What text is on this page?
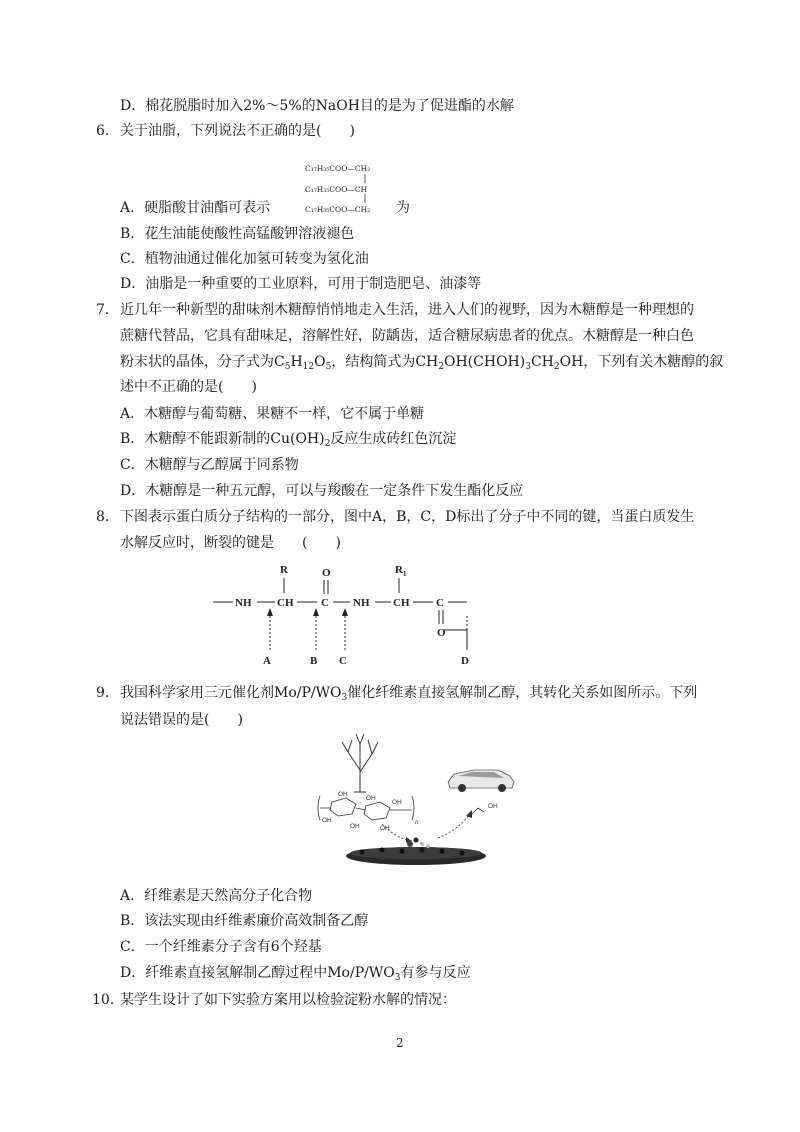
D．棉花脱脂时加入2%～5%的NaOH目的是为了促进酯的水解
6． 关于油脂，下列说法不正确的是(　　)
C₁₇H₃₅COO—CH₂
C₁₇H₃₅COO—CH
C₁₇H₃₅COO—CH₂
A．硬脂酸甘油酯可表示	为
B．花生油能使酸性高锰酸钾溶液褪色
C．植物油通过催化加氢可转变为氢化油
D．油脂是一种重要的工业原料，可用于制造肥皂、油漆等
7． 近几年一种新型的甜味剂木糖醇悄悄地走入生活，进入人们的视野，因为木糖醇是一种理想的
蔗糖代替品，它具有甜味足，溶解性好，防龋齿，适合糖尿病患者的优点。木糖醇是一种白色
粉末状的晶体，分子式为$C_5H_{12}O_5$，结构简式为$CH_2OH(CHOH)_3CH_2OH$，下列有关木糖醇的叙
述中不正确的是(　　)
A．木糖醇与葡萄糖、果糖不一样，它不属于单糖
B．木糖醇不能跟新制的$Cu(OH)_2$反应生成砖红色沉淀
C．木糖醇与乙醇属于同系物
D．木糖醇是一种五元醇，可以与羧酸在一定条件下发生酯化反应
8． 下图表示蛋白质分子结构的一部分，图中A，B，C，D标出了分子中不同的键，当蛋白质发生
水解反应时，断裂的键是　　(　　)
R	O	$R_1$
NH CH	C NH CH C
O
A	B C	D
9． 我国科学家用三元催化剂$Mo/P/WO_3$催化纤维素直接氢解制乙醇，其转化关系如图所示。下列
说法错误的是(　　)
OH
OH
OH
OH
OH
OH
n
OH
A．纤维素是天然高分子化合物
B．该法实现由纤维素廉价高效制备乙醇
C．一个纤维素分子含有6个羟基
D．纤维素直接氢解制乙醇过程中$Mo/P/WO_3$有参与反应
10．
某学生设计了如下实验方案用以检验淀粉水解的情况：
2
